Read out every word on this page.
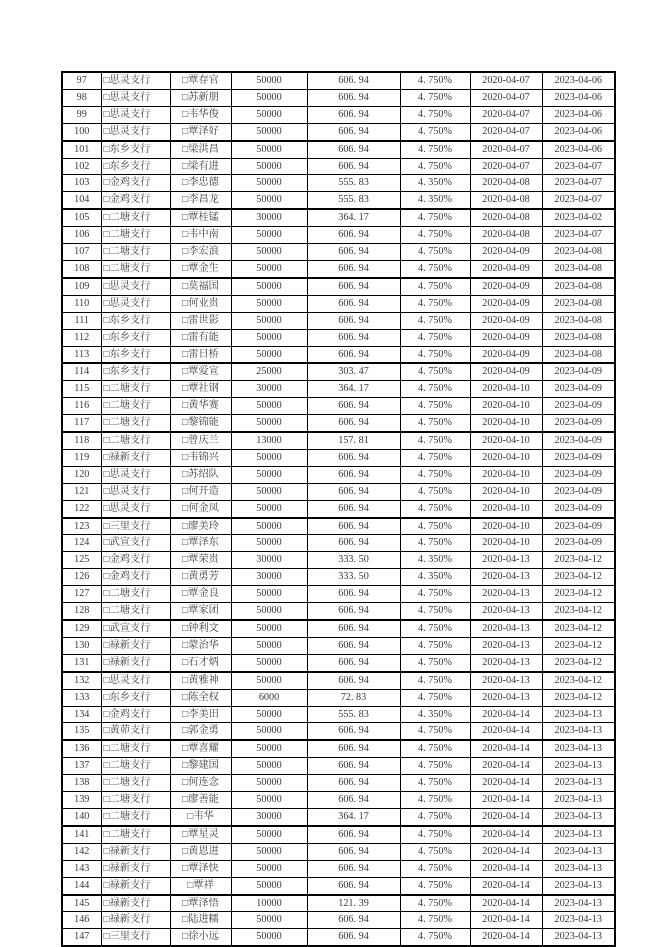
97	□思灵支行	□覃存官	50000	606. 94	4. 750%	2020-04-07	2023-04-06
98	□思灵支行	□苏新朋	50000	606. 94	4. 750%	2020-04-07	2023-04-06
99	□思灵支行	□韦华俊	50000	606. 94	4. 750%	2020-04-07	2023-04-06
100	□思灵支行	□覃泽好	50000	606. 94	4. 750%	2020-04-07	2023-04-06
101	□东乡支行	□梁洪昌	50000	606. 94	4. 750%	2020-04-07	2023-04-06
102	□东乡支行	□梁有进	50000	606. 94	4. 750%	2020-04-07	2023-04-07
103	□金鸡支行	□李忠德	50000	555. 83	4. 350%	2020-04-08	2023-04-07
104	□金鸡支行	□李昌龙	50000	555. 83	4. 350%	2020-04-08	2023-04-07
105	□二塘支行	□覃桂锰	30000	364. 17	4. 750%	2020-04-08	2023-04-02
106	□二塘支行	□韦中南	50000	606. 94	4. 750%	2020-04-08	2023-04-07
107	□二塘支行	□李宏浪	50000	606. 94	4. 750%	2020-04-09	2023-04-08
108	□二塘支行	□覃金生	50000	606. 94	4. 750%	2020-04-09	2023-04-08
109	□思灵支行	□莫福国	50000	606. 94	4. 750%	2020-04-09	2023-04-08
110	□思灵支行	□何业贵	50000	606. 94	4. 750%	2020-04-09	2023-04-08
111	□东乡支行	□雷世影	50000	606. 94	4. 750%	2020-04-09	2023-04-08
112	□东乡支行	□雷有能	50000	606. 94	4. 750%	2020-04-09	2023-04-08
113	□东乡支行	□雷日桥	50000	606. 94	4. 750%	2020-04-09	2023-04-08
114	□东乡支行	□覃爱宣	25000	303. 47	4. 750%	2020-04-09	2023-04-09
115	□二塘支行	□覃社钢	30000	364. 17	4. 750%	2020-04-10	2023-04-09
116	□二塘支行	□黄华赛	50000	606. 94	4. 750%	2020-04-10	2023-04-09
117	□二塘支行	□黎锦能	50000	606. 94	4. 750%	2020-04-10	2023-04-09
118	□二塘支行	□曾庆兰	13000	157. 81	4. 750%	2020-04-10	2023-04-09
119	□禄新支行	□韦锦兴	50000	606. 94	4. 750%	2020-04-10	2023-04-09
120	□思灵支行	□苏绍队	50000	606. 94	4. 750%	2020-04-10	2023-04-09
121	□思灵支行	□何开造	50000	606. 94	4. 750%	2020-04-10	2023-04-09
122	□思灵支行	□何金凤	50000	606. 94	4. 750%	2020-04-10	2023-04-09
123	□三里支行	□廖美玲	50000	606. 94	4. 750%	2020-04-10	2023-04-09
124	□武宣支行	□覃泽东	50000	606. 94	4. 750%	2020-04-10	2023-04-09
125	□金鸡支行	□覃荣贵	30000	333. 50	4. 350%	2020-04-13	2023-04-12
126	□金鸡支行	□黄勇芳	30000	333. 50	4. 350%	2020-04-13	2023-04-12
127	□二塘支行	□覃金良	50000	606. 94	4. 750%	2020-04-13	2023-04-12
128	□二塘支行	□覃家团	50000	606. 94	4. 750%	2020-04-13	2023-04-12
129	□武宣支行	□钟利文	50000	606. 94	4. 750%	2020-04-13	2023-04-12
130	□禄新支行	□蒙治华	50000	606. 94	4. 750%	2020-04-13	2023-04-12
131	□禄新支行	□石才炳	50000	606. 94	4. 750%	2020-04-13	2023-04-12
132	□思灵支行	□黄雅神	50000	606. 94	4. 750%	2020-04-13	2023-04-12
133	□东乡支行	□陈全权	6000	72. 83	4. 750%	2020-04-13	2023-04-12
134	□金鸡支行	□李美田	50000	555. 83	4. 350%	2020-04-14	2023-04-13
135	□黄茆支行	□郭金勇	50000	606. 94	4. 750%	2020-04-14	2023-04-13
136	□二塘支行	□覃喜耀	50000	606. 94	4. 750%	2020-04-14	2023-04-13
137	□二塘支行	□黎建国	50000	606. 94	4. 750%	2020-04-14	2023-04-13
138	□二塘支行	□何连念	50000	606. 94	4. 750%	2020-04-14	2023-04-13
139	□二塘支行	□廖善能	50000	606. 94	4. 750%	2020-04-14	2023-04-13
140	□二塘支行	□韦华	30000	364. 17	4. 750%	2020-04-14	2023-04-13
141	□二塘支行	□覃星灵	50000	606. 94	4. 750%	2020-04-14	2023-04-13
142	□禄新支行	□黄恩进	50000	606. 94	4. 750%	2020-04-14	2023-04-13
143	□禄新支行	□覃泽快	50000	606. 94	4. 750%	2020-04-14	2023-04-13
144	□禄新支行	□覃祥	50000	606. 94	4. 750%	2020-04-14	2023-04-13
145	□禄新支行	□覃泽悟	10000	121. 39	4. 750%	2020-04-14	2023-04-13
146	□禄新支行	□陆进糯	50000	606. 94	4. 750%	2020-04-14	2023-04-13
147	□三里支行	□徐小远	50000	606. 94	4. 750%	2020-04-14	2023-04-13
